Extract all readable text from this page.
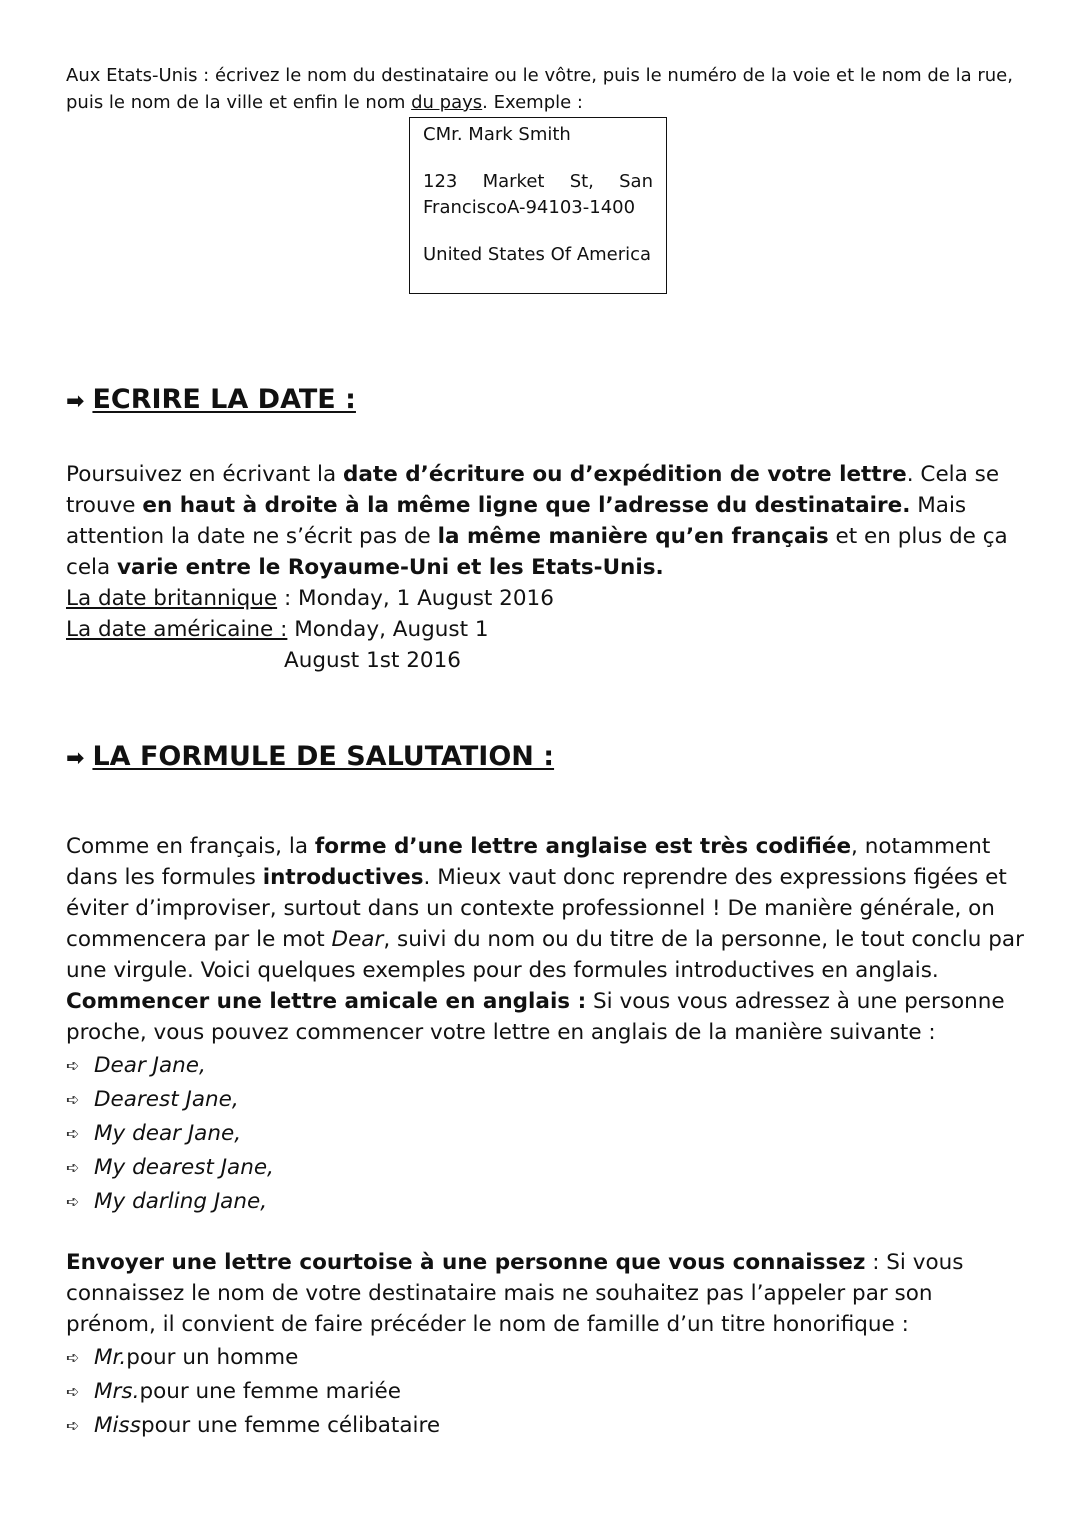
Aux Etats-Unis : écrivez le nom du destinataire ou le vôtre, puis le numéro de la voie et le nom de la rue, puis le nom de la ville et enfin le nom du pays. Exemple :

CMr. Mark Smith

123 Market St, San FranciscoA-94103-1400

United States Of America

➡ ECRIRE LA DATE :
Poursuivez en écrivant la date d’écriture ou d’expédition de votre lettre. Cela se trouve en haut à droite à la même ligne que l’adresse du destinataire. Mais attention la date ne s’écrit pas de la même manière qu’en français et en plus de ça cela varie entre le Royaume-Uni et les Etats-Unis.
La date britannique : Monday, 1 August 2016
La date américaine : Monday, August 1
August 1st 2016
➡ LA FORMULE DE SALUTATION :
Comme en français, la forme d’une lettre anglaise est très codifiée, notamment dans les formules introductives. Mieux vaut donc reprendre des expressions figées et éviter d’improviser, surtout dans un contexte professionnel ! De manière générale, on commencera par le mot Dear, suivi du nom ou du titre de la personne, le tout conclu par une virgule. Voici quelques exemples pour des formules introductives en anglais.
Commencer une lettre amicale en anglais : Si vous vous adressez à une personne proche, vous pouvez commencer votre lettre en anglais de la manière suivante :
➪ Dear Jane,
➪ Dearest Jane,
➪ My dear Jane,
➪ My dearest Jane,
➪ My darling Jane,
Envoyer une lettre courtoise à une personne que vous connaissez : Si vous connaissez le nom de votre destinataire mais ne souhaitez pas l’appeler par son prénom, il convient de faire précéder le nom de famille d’un titre honorifique :
➪ Mr. pour un homme
➪ Mrs. pour une femme mariée
➪ Miss pour une femme célibataire
